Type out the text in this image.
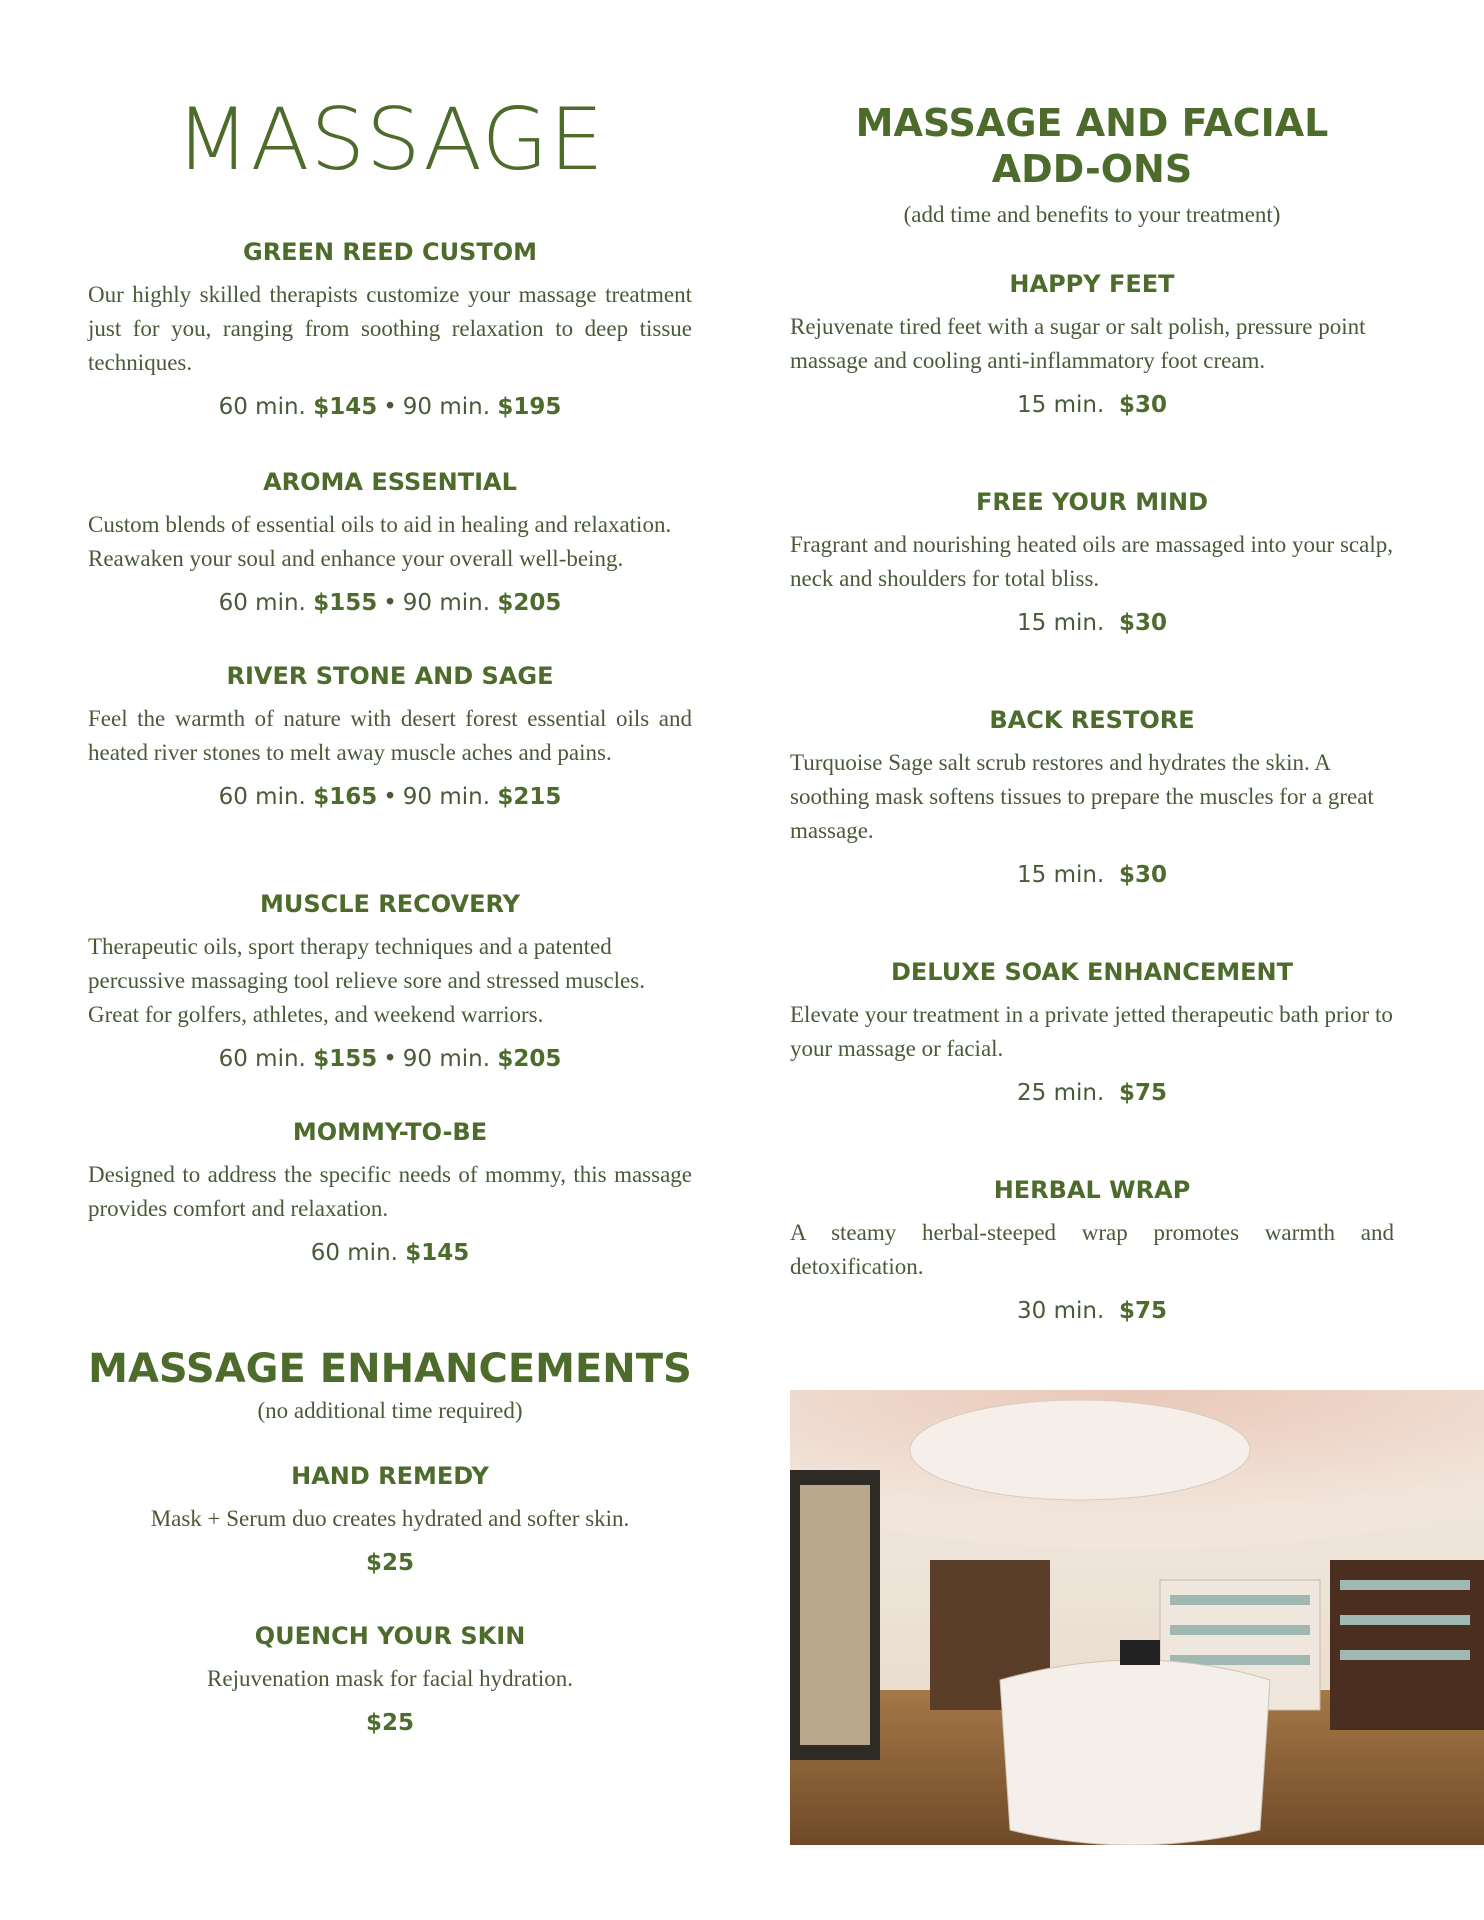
MASSAGE
GREEN REED CUSTOM

Our highly skilled therapists customize your massage treatment just for you, ranging from soothing relaxation to deep tissue techniques.

60 min. $145 • 90 min. $195
AROMA ESSENTIAL

Custom blends of essential oils to aid in healing and relaxation. Reawaken your soul and enhance your overall well-being.

60 min. $155 • 90 min. $205
RIVER STONE AND SAGE

Feel the warmth of nature with desert forest essential oils and heated river stones to melt away muscle aches and pains.

60 min. $165 • 90 min. $215
MUSCLE RECOVERY

Therapeutic oils, sport therapy techniques and a patented percussive massaging tool relieve sore and stressed muscles. Great for golfers, athletes, and weekend warriors.

60 min. $155 • 90 min. $205
MOMMY-TO-BE

Designed to address the specific needs of mommy, this massage provides comfort and relaxation.

60 min. $145
MASSAGE ENHANCEMENTS
(no additional time required)
HAND REMEDY

Mask + Serum duo creates hydrated and softer skin.

$25
QUENCH YOUR SKIN

Rejuvenation mask for facial hydration.

$25
MASSAGE AND FACIAL
ADD-ONS
(add time and benefits to your treatment)
HAPPY FEET

Rejuvenate tired feet with a sugar or salt polish, pressure point massage and cooling anti-inflammatory foot cream.

15 min. $30
FREE YOUR MIND

Fragrant and nourishing heated oils are massaged into your scalp, neck and shoulders for total bliss.

15 min. $30
BACK RESTORE

Turquoise Sage salt scrub restores and hydrates the skin. A soothing mask softens tissues to prepare the muscles for a great massage.

15 min. $30
DELUXE SOAK ENHANCEMENT

Elevate your treatment in a private jetted therapeutic bath prior to your massage or facial.

25 min. $75
HERBAL WRAP

A steamy herbal-steeped wrap promotes warmth and detoxification.

30 min. $75
